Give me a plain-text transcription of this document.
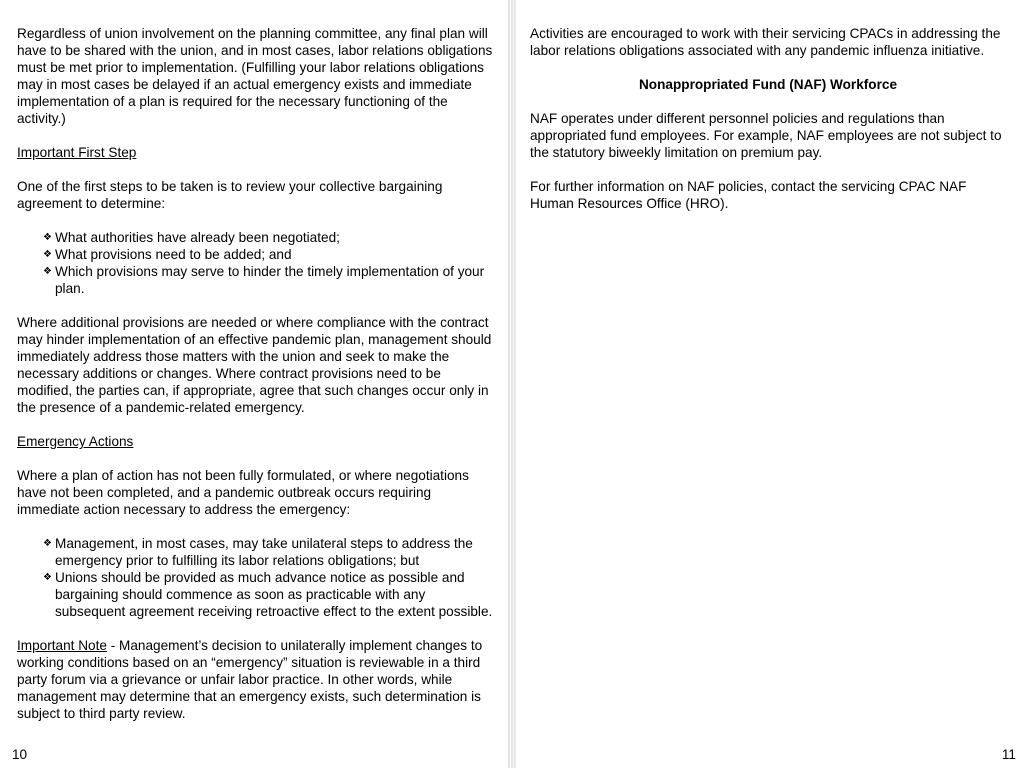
Regardless of union involvement on the planning committee, any final plan will have to be shared with the union, and in most cases, labor relations obligations must be met prior to implementation. (Fulfilling your labor relations obligations may in most cases be delayed if an actual emergency exists and immediate implementation of a plan is required for the necessary functioning of the activity.)

Important First Step

One of the first steps to be taken is to review your collective bargaining agreement to determine:

❖ What authorities have already been negotiated;
❖ What provisions need to be added; and
❖ Which provisions may serve to hinder the timely implementation of your plan.

Where additional provisions are needed or where compliance with the contract may hinder implementation of an effective pandemic plan, management should immediately address those matters with the union and seek to make the necessary additions or changes. Where contract provisions need to be modified, the parties can, if appropriate, agree that such changes occur only in the presence of a pandemic-related emergency.

Emergency Actions

Where a plan of action has not been fully formulated, or where negotiations have not been completed, and a pandemic outbreak occurs requiring immediate action necessary to address the emergency:

❖ Management, in most cases, may take unilateral steps to address the emergency prior to fulfilling its labor relations obligations; but
❖ Unions should be provided as much advance notice as possible and bargaining should commence as soon as practicable with any subsequent agreement receiving retroactive effect to the extent possible.

Important Note - Management’s decision to unilaterally implement changes to working conditions based on an “emergency” situation is reviewable in a third party forum via a grievance or unfair labor practice. In other words, while management may determine that an emergency exists, such determination is subject to third party review.

10

Activities are encouraged to work with their servicing CPACs in addressing the labor relations obligations associated with any pandemic influenza initiative.

Nonappropriated Fund (NAF) Workforce

NAF operates under different personnel policies and regulations than appropriated fund employees. For example, NAF employees are not subject to the statutory biweekly limitation on premium pay.

For further information on NAF policies, contact the servicing CPAC NAF Human Resources Office (HRO).

11
